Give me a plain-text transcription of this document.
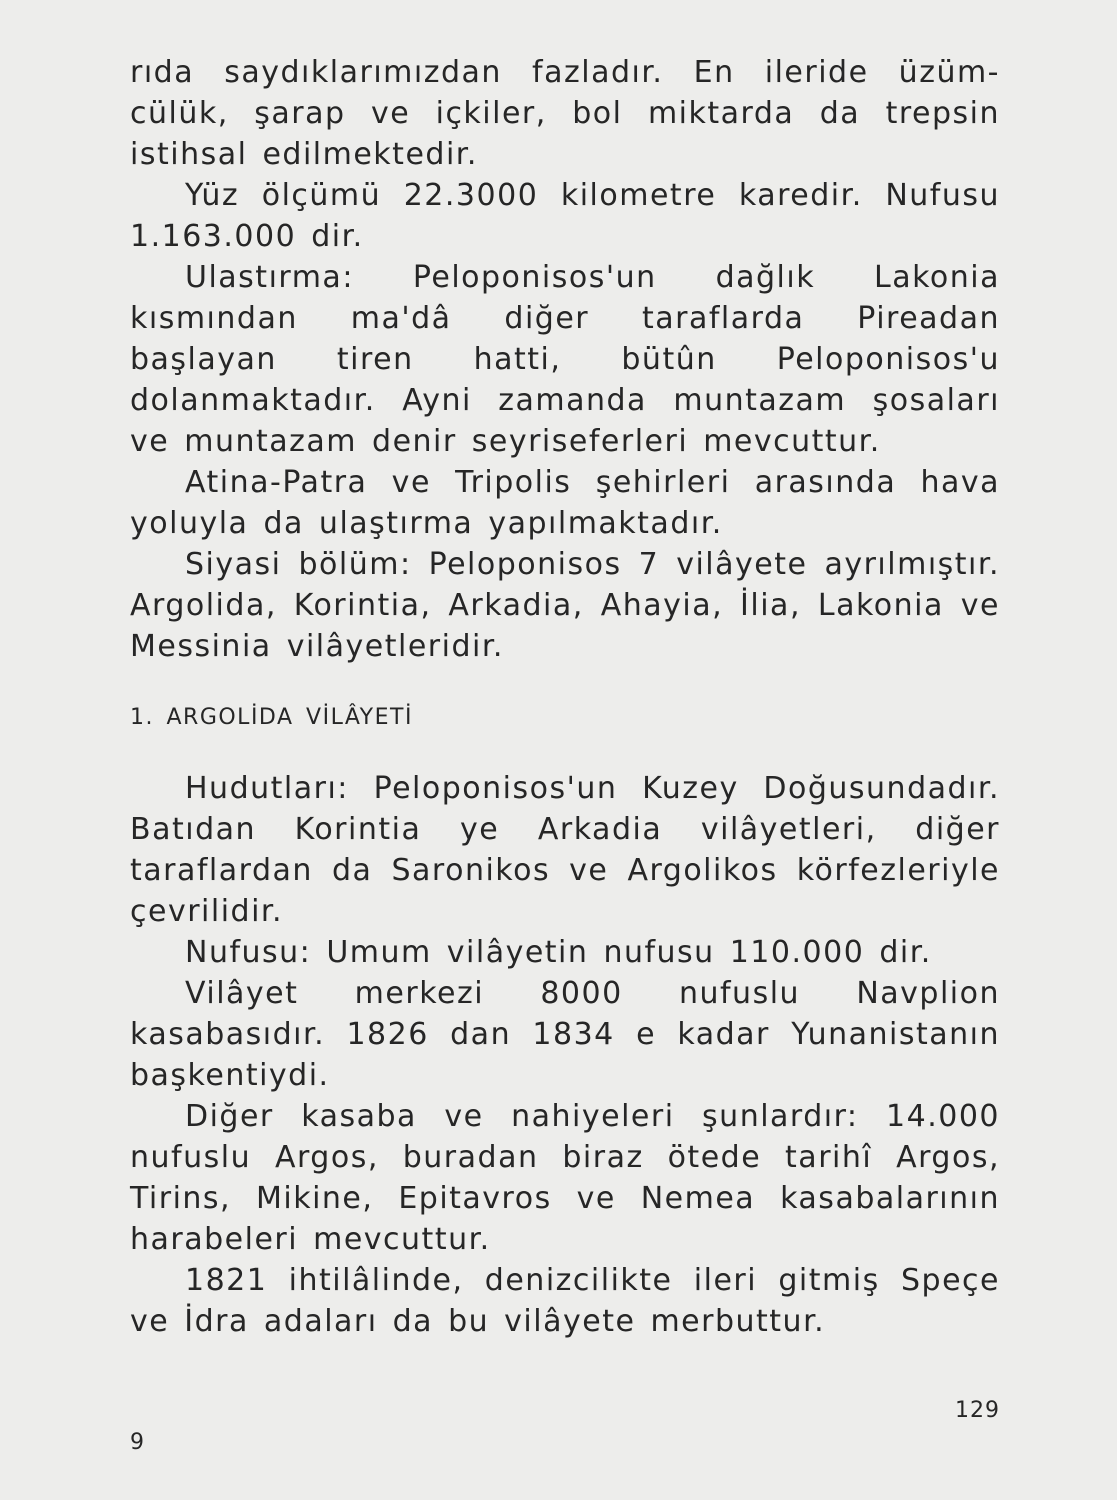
rıda saydıklarımızdan fazladır. En ileride üzüm-cülük, şarap ve içkiler, bol miktarda da trepsin istihsal edilmektedir.

Yüz ölçümü 22.3000 kilometre karedir. Nufusu 1.163.000 dir.

Ulastırma: Peloponisos'un dağlık Lakonia kısmından ma'dâ diğer taraflarda Pireadan başlayan tiren hatti, bütûn Peloponisos'u dolanmaktadır. Ayni zamanda muntazam şosaları ve muntazam denir seyriseferleri mevcuttur.

Atina-Patra ve Tripolis şehirleri arasında hava yoluyla da ulaştırma yapılmaktadır.

Siyasi bölüm: Peloponisos 7 vilâyete ayrılmıştır. Argolida, Korintia, Arkadia, Ahayia, İlia, Lakonia ve Messinia vilâyetleridir.

1. ARGOLİDA VİLÂYETİ

Hudutları: Peloponisos'un Kuzey Doğusundadır. Batıdan Korintia ye Arkadia vilâyetleri, diğer taraflardan da Saronikos ve Argolikos körfezleriyle çevrilidir.

Nufusu: Umum vilâyetin nufusu 110.000 dir.

Vilâyet merkezi 8000 nufuslu Navplion kasabasıdır. 1826 dan 1834 e kadar Yunanistanın başkentiydi.

Diğer kasaba ve nahiyeleri şunlardır: 14.000 nufuslu Argos, buradan biraz ötede tarihî Argos, Tirins, Mikine, Epitavros ve Nemea kasabalarının harabeleri mevcuttur.

1821 ihtilâlinde, denizcilikte ileri gitmiş Speçe ve İdra adaları da bu vilâyete merbuttur.

129
9
